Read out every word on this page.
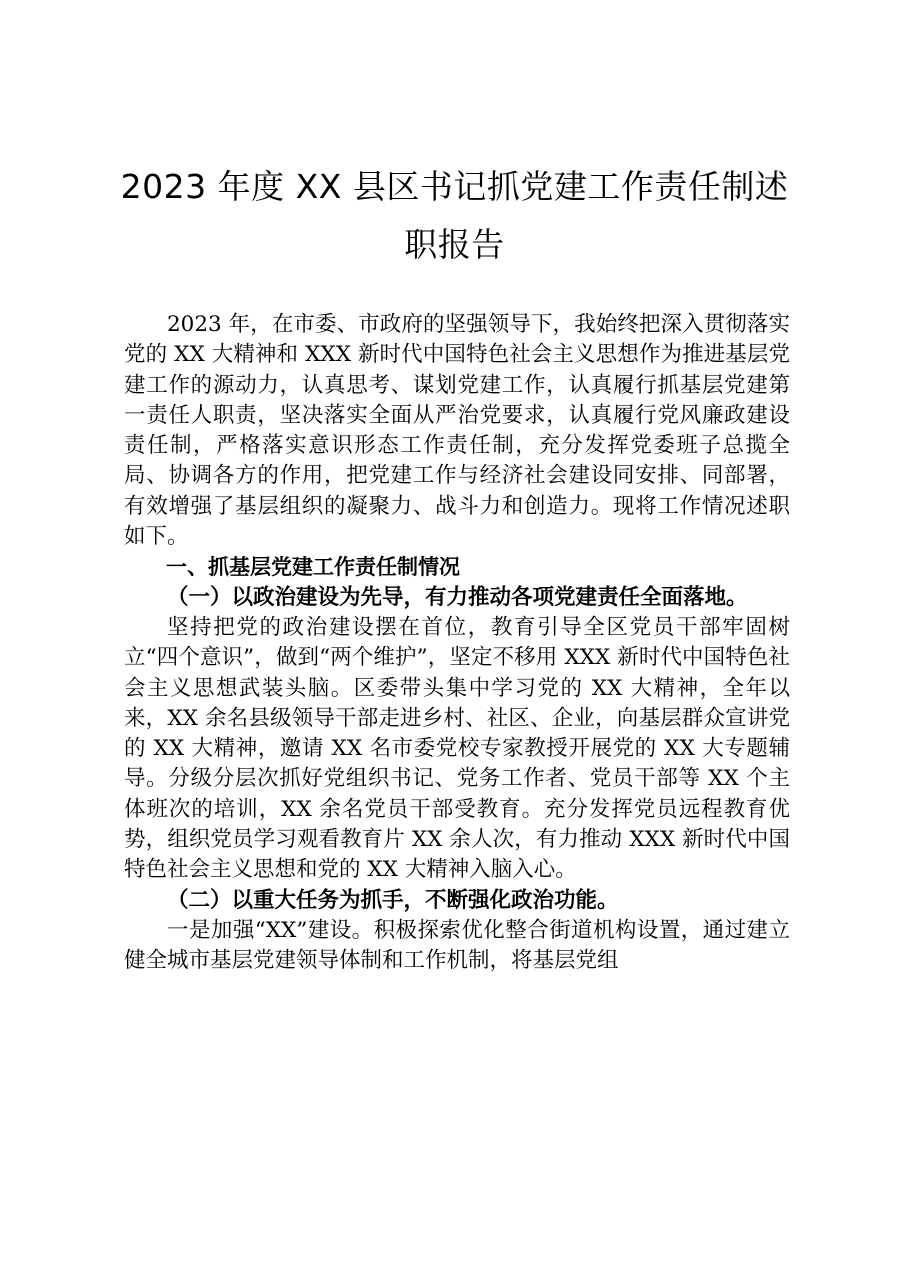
2023 年度 XX 县区书记抓党建工作责任制述
职报告

2023 年，在市委、市政府的坚强领导下，我始终把深入贯彻落实党的 XX 大精神和 XXX 新时代中国特色社会主义思想作为推进基层党建工作的源动力，认真思考、谋划党建工作，认真履行抓基层党建第一责任人职责，坚决落实全面从严治党要求，认真履行党风廉政建设责任制，严格落实意识形态工作责任制，充分发挥党委班子总揽全局、协调各方的作用，把党建工作与经济社会建设同安排、同部署，有效增强了基层组织的凝聚力、战斗力和创造力。现将工作情况述职如下。

一、抓基层党建工作责任制情况

（一）以政治建设为先导，有力推动各项党建责任全面落地。

坚持把党的政治建设摆在首位，教育引导全区党员干部牢固树立“四个意识”，做到“两个维护”，坚定不移用 XXX 新时代中国特色社会主义思想武装头脑。区委带头集中学习党的 XX 大精神，全年以来，XX 余名县级领导干部走进乡村、社区、企业，向基层群众宣讲党的 XX 大精神，邀请 XX 名市委党校专家教授开展党的 XX 大专题辅导。分级分层次抓好党组织书记、党务工作者、党员干部等 XX 个主体班次的培训，XX 余名党员干部受教育。充分发挥党员远程教育优势，组织党员学习观看教育片 XX 余人次，有力推动 XXX 新时代中国特色社会主义思想和党的 XX 大精神入脑入心。

（二）以重大任务为抓手，不断强化政治功能。

一是加强“XX”建设。积极探索优化整合街道机构设置，通过建立健全城市基层党建领导体制和工作机制，将基层党组
